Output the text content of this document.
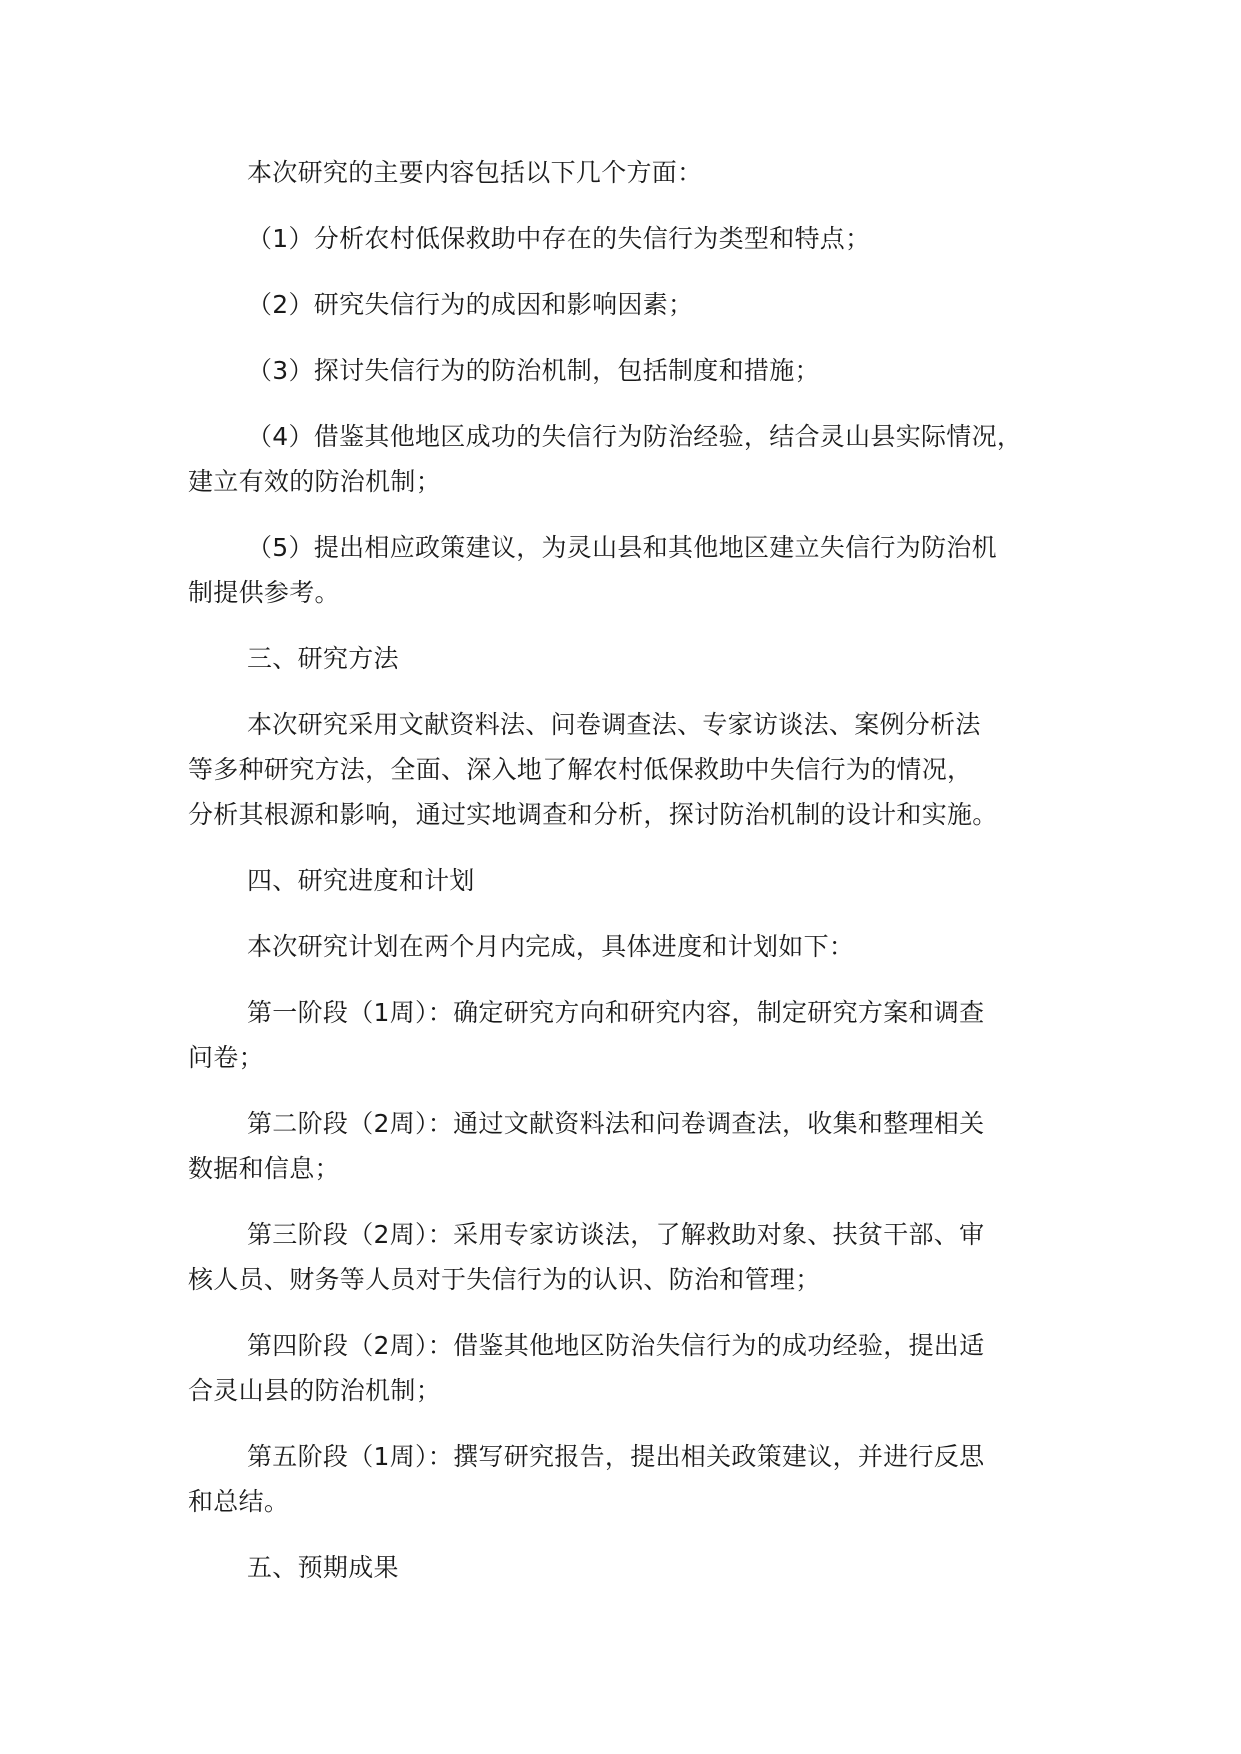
本次研究的主要内容包括以下几个方面：

（1）分析农村低保救助中存在的失信行为类型和特点；

（2）研究失信行为的成因和影响因素；

（3）探讨失信行为的防治机制，包括制度和措施；

（4）借鉴其他地区成功的失信行为防治经验，结合灵山县实际情况，
建立有效的防治机制；

（5）提出相应政策建议，为灵山县和其他地区建立失信行为防治机
制提供参考。

三、研究方法

本次研究采用文献资料法、问卷调查法、专家访谈法、案例分析法
等多种研究方法，全面、深入地了解农村低保救助中失信行为的情况，
分析其根源和影响，通过实地调查和分析，探讨防治机制的设计和实施。

四、研究进度和计划

本次研究计划在两个月内完成，具体进度和计划如下：

第一阶段（1周）：确定研究方向和研究内容，制定研究方案和调查
问卷；

第二阶段（2周）：通过文献资料法和问卷调查法，收集和整理相关
数据和信息；

第三阶段（2周）：采用专家访谈法，了解救助对象、扶贫干部、审
核人员、财务等人员对于失信行为的认识、防治和管理；

第四阶段（2周）：借鉴其他地区防治失信行为的成功经验，提出适
合灵山县的防治机制；

第五阶段（1周）：撰写研究报告，提出相关政策建议，并进行反思
和总结。

五、预期成果
